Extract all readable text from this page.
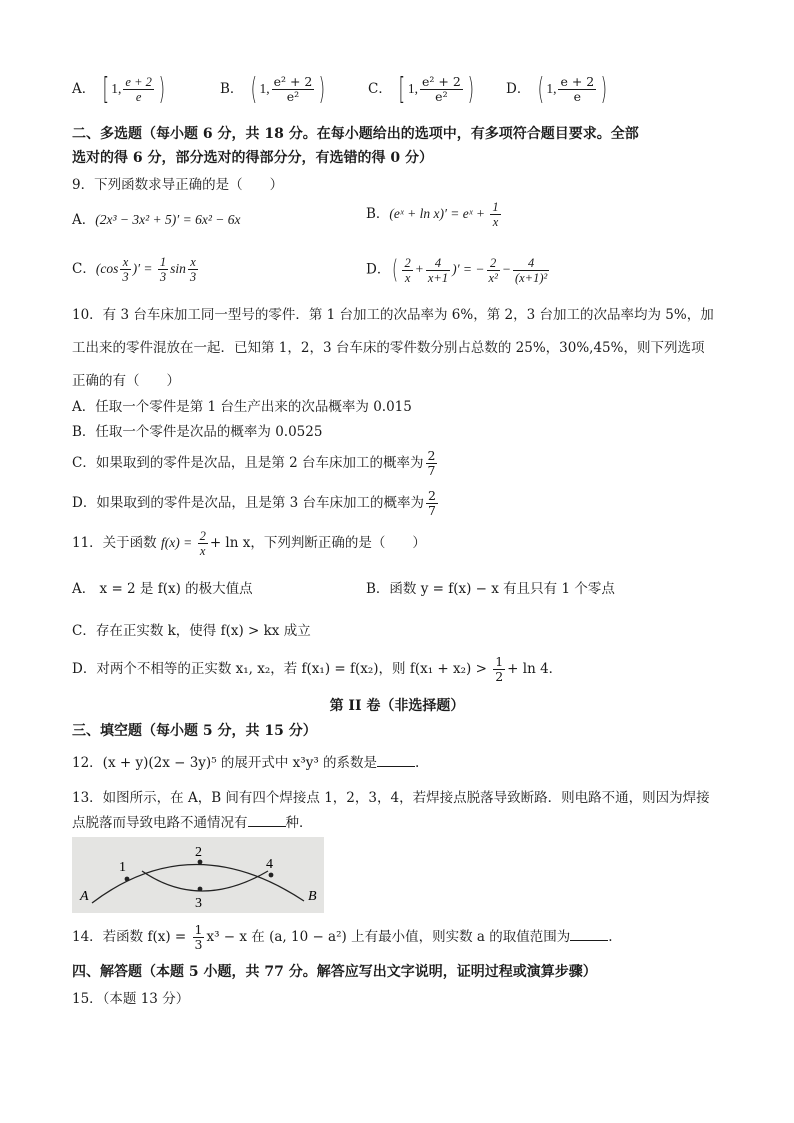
A． [ 1, $\frac{e + 2}{e}$ )	B． ( 1, $\frac{\text{e² + 2}}{\text{e²}}$ )	C． [ 1, $\frac{\text{e² + 2}}{\text{e²}}$ ) D． ( 1, $\frac{e + 2}{e}$ )
二、多选题（每小题 6 分，共 18 分。在每小题给出的选项中，有多项符合题目要求。全部
选对的得 6 分，部分选对的得部分分，有选错的得 0 分）
9．下列函数求导正确的是（　　）
A．(2x³ − 3x² + 5)′ = 6x² − 6x	B．(eˣ + ln x)′ = eˣ + $\frac{1}{x}$
C．($\cos \frac{x}{3}$ )′ = $\frac{1}{3}$ $\sin \frac{x}{3}$	D．( $\frac{2}{x} + \frac{4}{x+1}$ )′ = − $\frac{2}{\text{x²}} - \frac{4}{\text{(x+1)²}}$
10．有 3 台车床加工同一型号的零件．第 1 台加工的次品率为 6%，第 2，3 台加工的次品率均为 5%，加
工出来的零件混放在一起．已知第 1，2，3 台车床的零件数分别占总数的 25%，30%,45%，则下列选项
正确的有（　　）
A．任取一个零件是第 1 台生产出来的次品概率为 0.015
B．任取一个零件是次品的概率为 0.0525
C．如果取到的零件是次品，且是第 2 台车床加工的概率为 $\frac{2}{7}$
D．如果取到的零件是次品，且是第 3 台车床加工的概率为 $\frac{2}{7}$
11．关于函数 $f(x) = \frac{2}{x} + \ln x$，下列判断正确的是（　　）
A． x = 2 是 f(x) 的极大值点	B．函数 y = f(x) − x 有且只有 1 个零点
C．存在正实数 k，使得 f(x) > kx 成立
D．对两个不相等的正实数 x₁, x₂，若 f(x₁) = f(x₂)，则 $f(x_1 + x_2) > \frac{1}{2} + \ln 4$．
第 II 卷（非选择题）
三、填空题（每小题 5 分，共 15 分）
12．(x + y)(2x − 3y)⁵ 的展开式中 x³y³ 的系数是	.
13．如图所示，在 A，B 间有四个焊接点 1，2，3，4，若焊接点脱落导致断路．则电路不通，则因为焊接
点脱落而导致电路不通情况有	种．
1
2
3
4
A	B
14．若函数 $f(x) = \frac{1}{3} x^3 - x$ 在 (a, 10 − a²) 上有最小值，则实数 a 的取值范围为	.
四、解答题（本题 5 小题，共 77 分。解答应写出文字说明，证明过程或演算步骤）
15．（本题 13 分）
